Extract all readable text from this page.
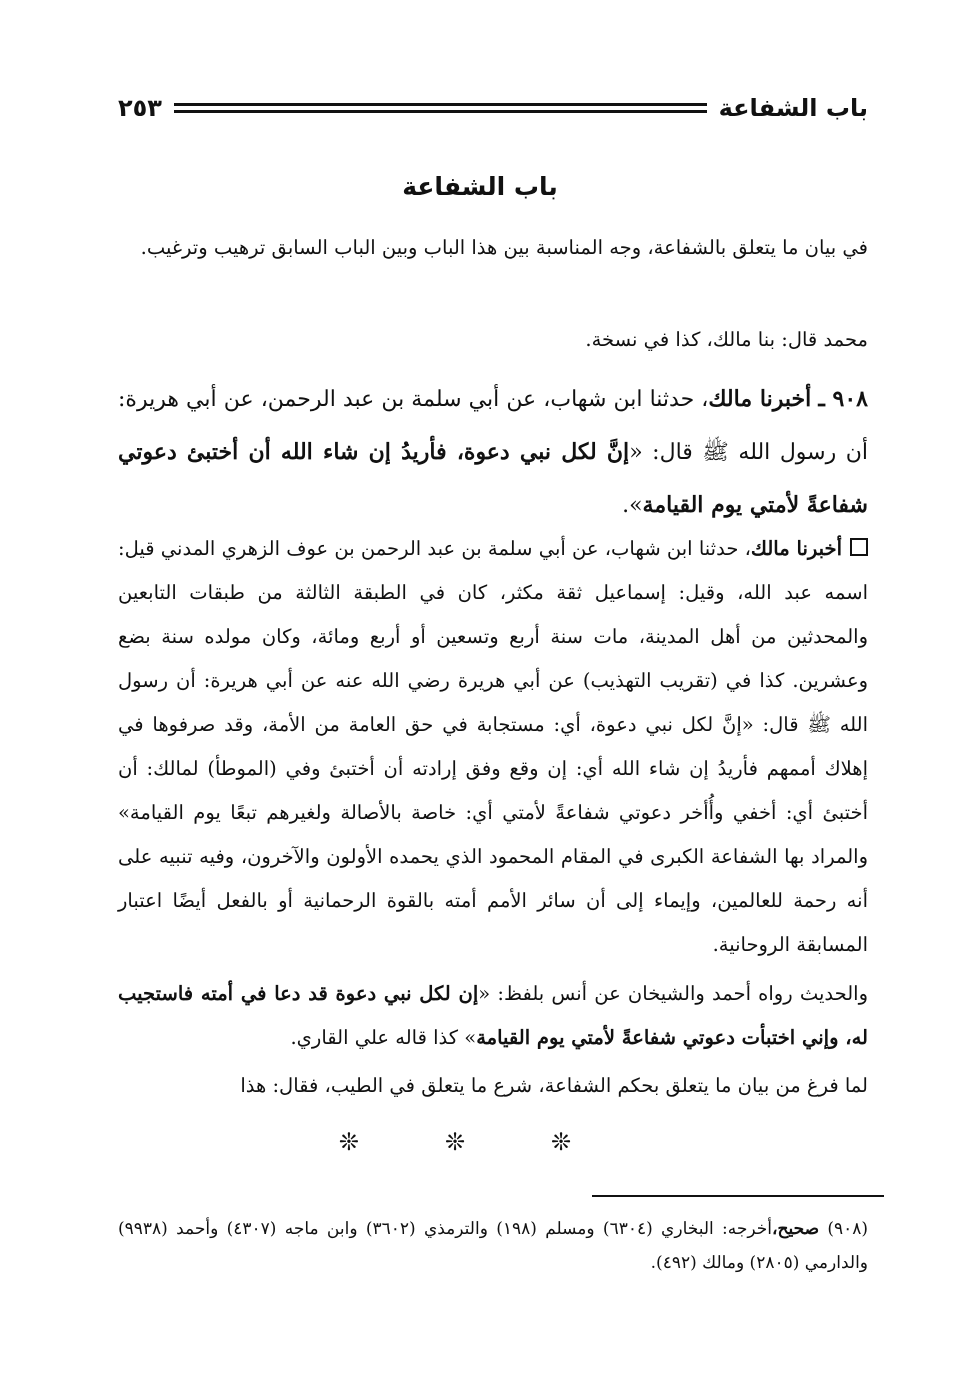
باب الشفاعة
٢٥٣
باب الشفاعة
في بيان ما يتعلق بالشفاعة، وجه المناسبة بين هذا الباب وبين الباب السابق ترهيب وترغيب.
محمد قال: بنا مالك، كذا في نسخة.
٩٠٨ ـ أخبرنا مالك، حدثنا ابن شهاب، عن أبي سلمة بن عبد الرحمن، عن أبي هريرة: أن رسول الله ﷺ قال: «إنَّ لكل نبي دعوة، فأريدُ إن شاء الله أن أختبئ دعوتي شفاعةً لأمتي يوم القيامة».
أخبرنا مالك، حدثنا ابن شهاب، عن أبي سلمة بن عبد الرحمن بن عوف الزهري المدني قيل: اسمه عبد الله، وقيل: إسماعيل ثقة مكثر، كان في الطبقة الثالثة من طبقات التابعين والمحدثين من أهل المدينة، مات سنة أربع وتسعين أو أربع ومائة، وكان مولده سنة بضع وعشرين. كذا في (تقريب التهذيب) عن أبي هريرة رضي الله عنه عن أبي هريرة: أن رسول الله ﷺ قال: «إنَّ لكل نبي دعوة، أي: مستجابة في حق العامة من الأمة، وقد صرفوها في إهلاك أممهم فأريدُ إن شاء الله أي: إن وقع وفق إرادته أن أختبئ وفي (الموطأ) لمالك: أن أختبئ أي: أخفي وأُأخر دعوتي شفاعةً لأمتي أي: خاصة بالأصالة ولغيرهم تبعًا يوم القيامة» والمراد بها الشفاعة الكبرى في المقام المحمود الذي يحمده الأولون والآخرون، وفيه تنبيه على أنه رحمة للعالمين، وإيماء إلى أن سائر الأمم أمته بالقوة الرحمانية أو بالفعل أيضًا اعتبار المسابقة الروحانية.
والحديث رواه أحمد والشيخان عن أنس بلفظ: «إن لكل نبي دعوة قد دعا في أمته فاستجيب له، وإني اختبأت دعوتي شفاعةً لأمتي يوم القيامة» كذا قاله علي القاري.
لما فرغ من بيان ما يتعلق بحكم الشفاعة، شرع ما يتعلق في الطيب، فقال: هذا
❊❊❊
(٩٠٨) صحيح،أخرجه: البخاري (٦٣٠٤) ومسلم (١٩٨) والترمذي (٣٦٠٢) وابن ماجه (٤٣٠٧) وأحمد (٩٩٣٨) والدارمي (٢٨٠٥) ومالك (٤٩٢).
